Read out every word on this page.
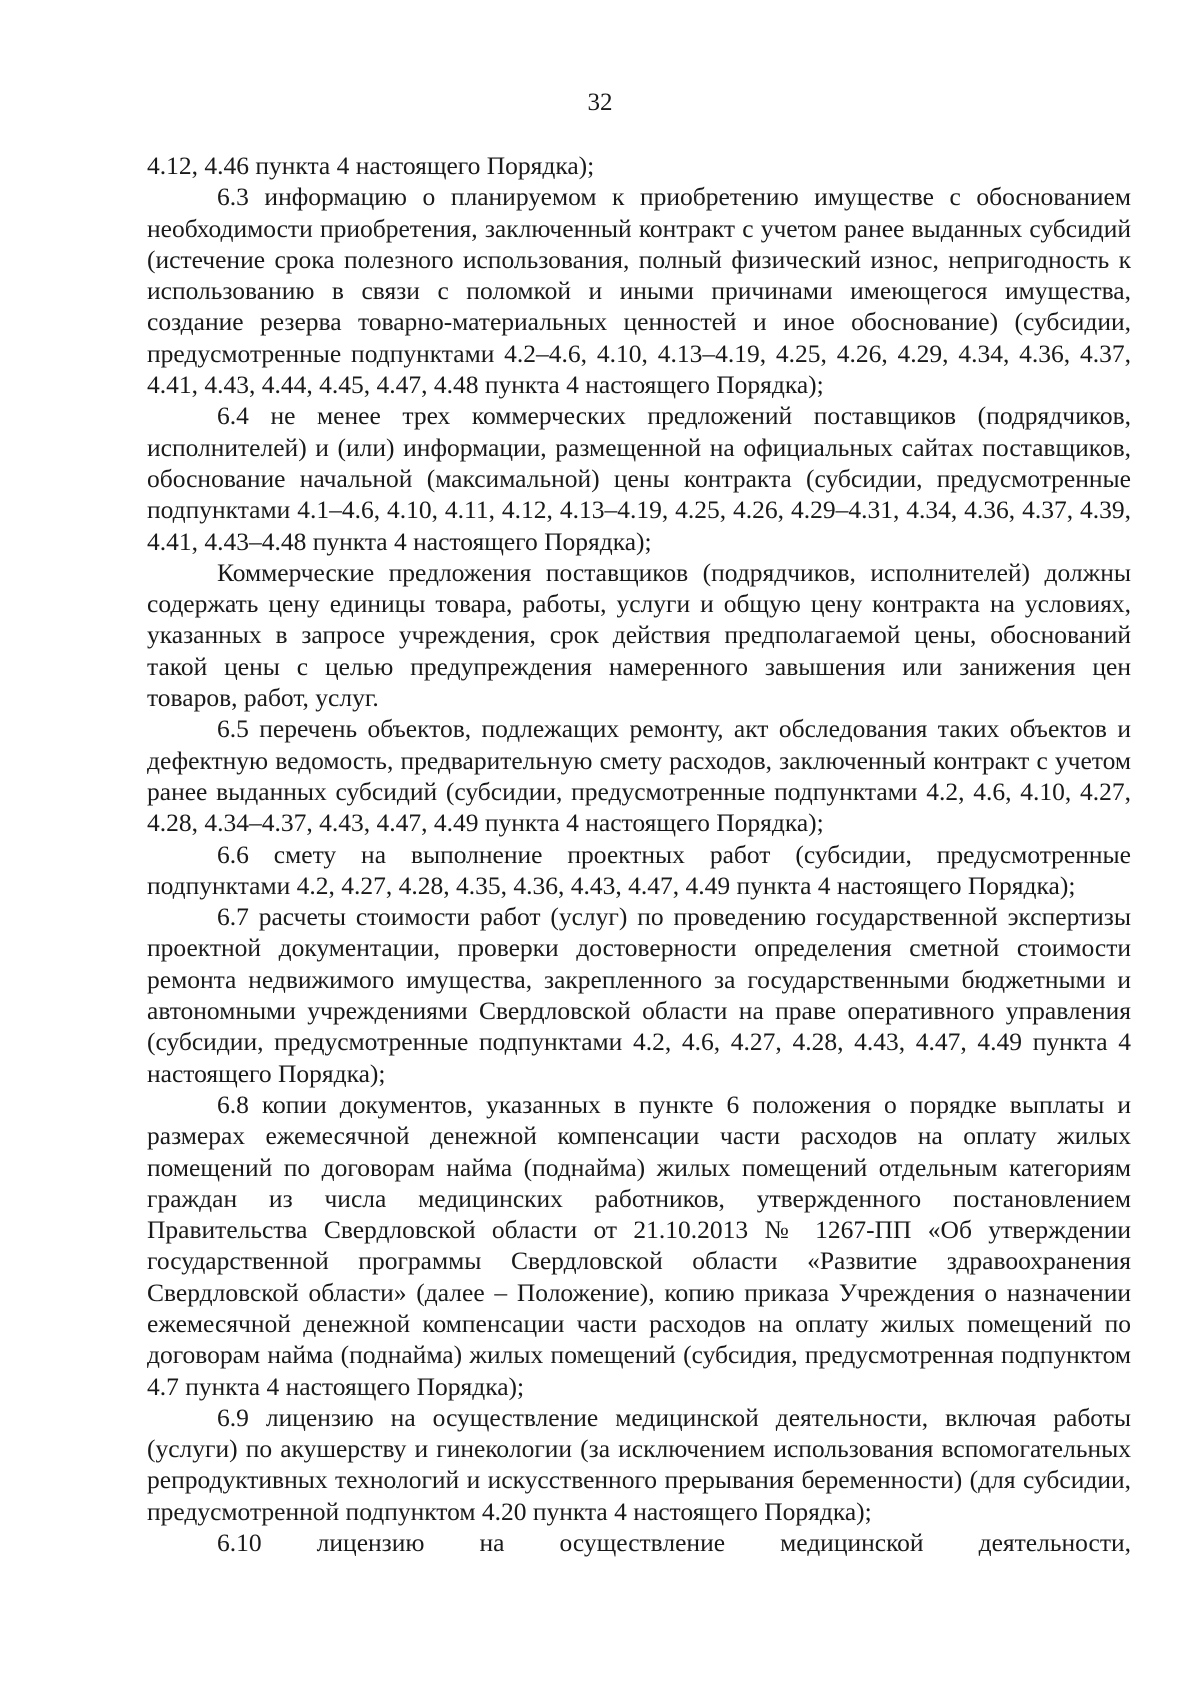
32

4.12, 4.46 пункта 4 настоящего Порядка);

6.3 информацию о планируемом к приобретению имуществе с обоснованием необходимости приобретения, заключенный контракт с учетом ранее выданных субсидий (истечение срока полезного использования, полный физический износ, непригодность к использованию в связи с поломкой и иными причинами имеющегося имущества, создание резерва товарно-материальных ценностей и иное обоснование) (субсидии, предусмотренные подпунктами 4.2–4.6, 4.10, 4.13–4.19, 4.25, 4.26, 4.29, 4.34, 4.36, 4.37, 4.41, 4.43, 4.44, 4.45, 4.47, 4.48 пункта 4 настоящего Порядка);

6.4 не менее трех коммерческих предложений поставщиков (подрядчиков, исполнителей) и (или) информации, размещенной на официальных сайтах поставщиков, обоснование начальной (максимальной) цены контракта (субсидии, предусмотренные подпунктами 4.1–4.6, 4.10, 4.11, 4.12, 4.13–4.19, 4.25, 4.26, 4.29–4.31, 4.34, 4.36, 4.37, 4.39, 4.41, 4.43–4.48 пункта 4 настоящего Порядка);

Коммерческие предложения поставщиков (подрядчиков, исполнителей) должны содержать цену единицы товара, работы, услуги и общую цену контракта на условиях, указанных в запросе учреждения, срок действия предполагаемой цены, обоснований такой цены с целью предупреждения намеренного завышения или занижения цен товаров, работ, услуг.

6.5 перечень объектов, подлежащих ремонту, акт обследования таких объектов и дефектную ведомость, предварительную смету расходов, заключенный контракт с учетом ранее выданных субсидий (субсидии, предусмотренные подпунктами 4.2, 4.6, 4.10, 4.27, 4.28, 4.34–4.37, 4.43, 4.47, 4.49 пункта 4 настоящего Порядка);

6.6 смету на выполнение проектных работ (субсидии, предусмотренные подпунктами 4.2, 4.27, 4.28, 4.35, 4.36, 4.43, 4.47, 4.49 пункта 4 настоящего Порядка);

6.7 расчеты стоимости работ (услуг) по проведению государственной экспертизы проектной документации, проверки достоверности определения сметной стоимости ремонта недвижимого имущества, закрепленного за государственными бюджетными и автономными учреждениями Свердловской области на праве оперативного управления (субсидии, предусмотренные подпунктами 4.2, 4.6, 4.27, 4.28, 4.43, 4.47, 4.49 пункта 4 настоящего Порядка);

6.8 копии документов, указанных в пункте 6 положения о порядке выплаты и размерах ежемесячной денежной компенсации части расходов на оплату жилых помещений по договорам найма (поднайма) жилых помещений отдельным категориям граждан из числа медицинских работников, утвержденного постановлением Правительства Свердловской области от 21.10.2013 № 1267-ПП «Об утверждении государственной программы Свердловской области «Развитие здравоохранения Свердловской области» (далее – Положение), копию приказа Учреждения о назначении ежемесячной денежной компенсации части расходов на оплату жилых помещений по договорам найма (поднайма) жилых помещений (субсидия, предусмотренная подпунктом 4.7 пункта 4 настоящего Порядка);

6.9 лицензию на осуществление медицинской деятельности, включая работы (услуги) по акушерству и гинекологии (за исключением использования вспомогательных репродуктивных технологий и искусственного прерывания беременности) (для субсидии, предусмотренной подпунктом 4.20 пункта 4 настоящего Порядка);

6.10 лицензию на осуществление медицинской деятельности,
